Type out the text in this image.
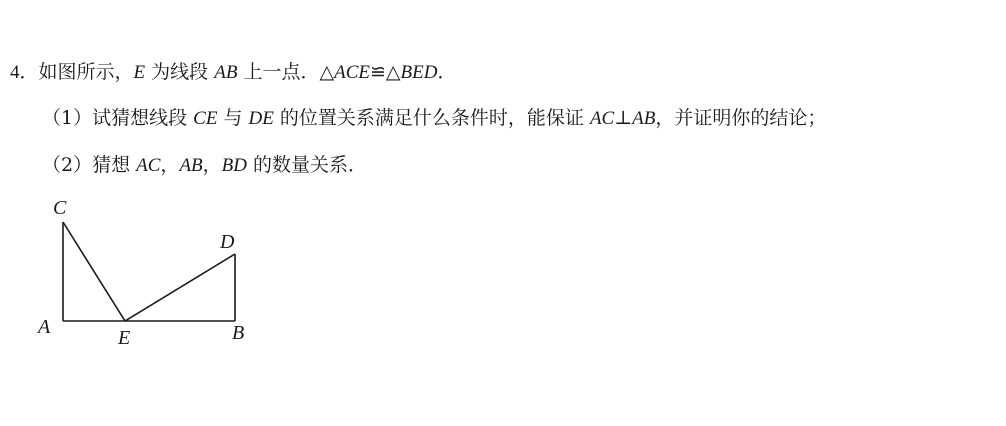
4．如图所示，E 为线段 AB 上一点．△ACE≌△BED．
（1）试猜想线段 CE 与 DE 的位置关系满足什么条件时，能保证 AC⊥AB，并证明你的结论；
（2）猜想 AC，AB，BD 的数量关系．
C
D
A	E	B
